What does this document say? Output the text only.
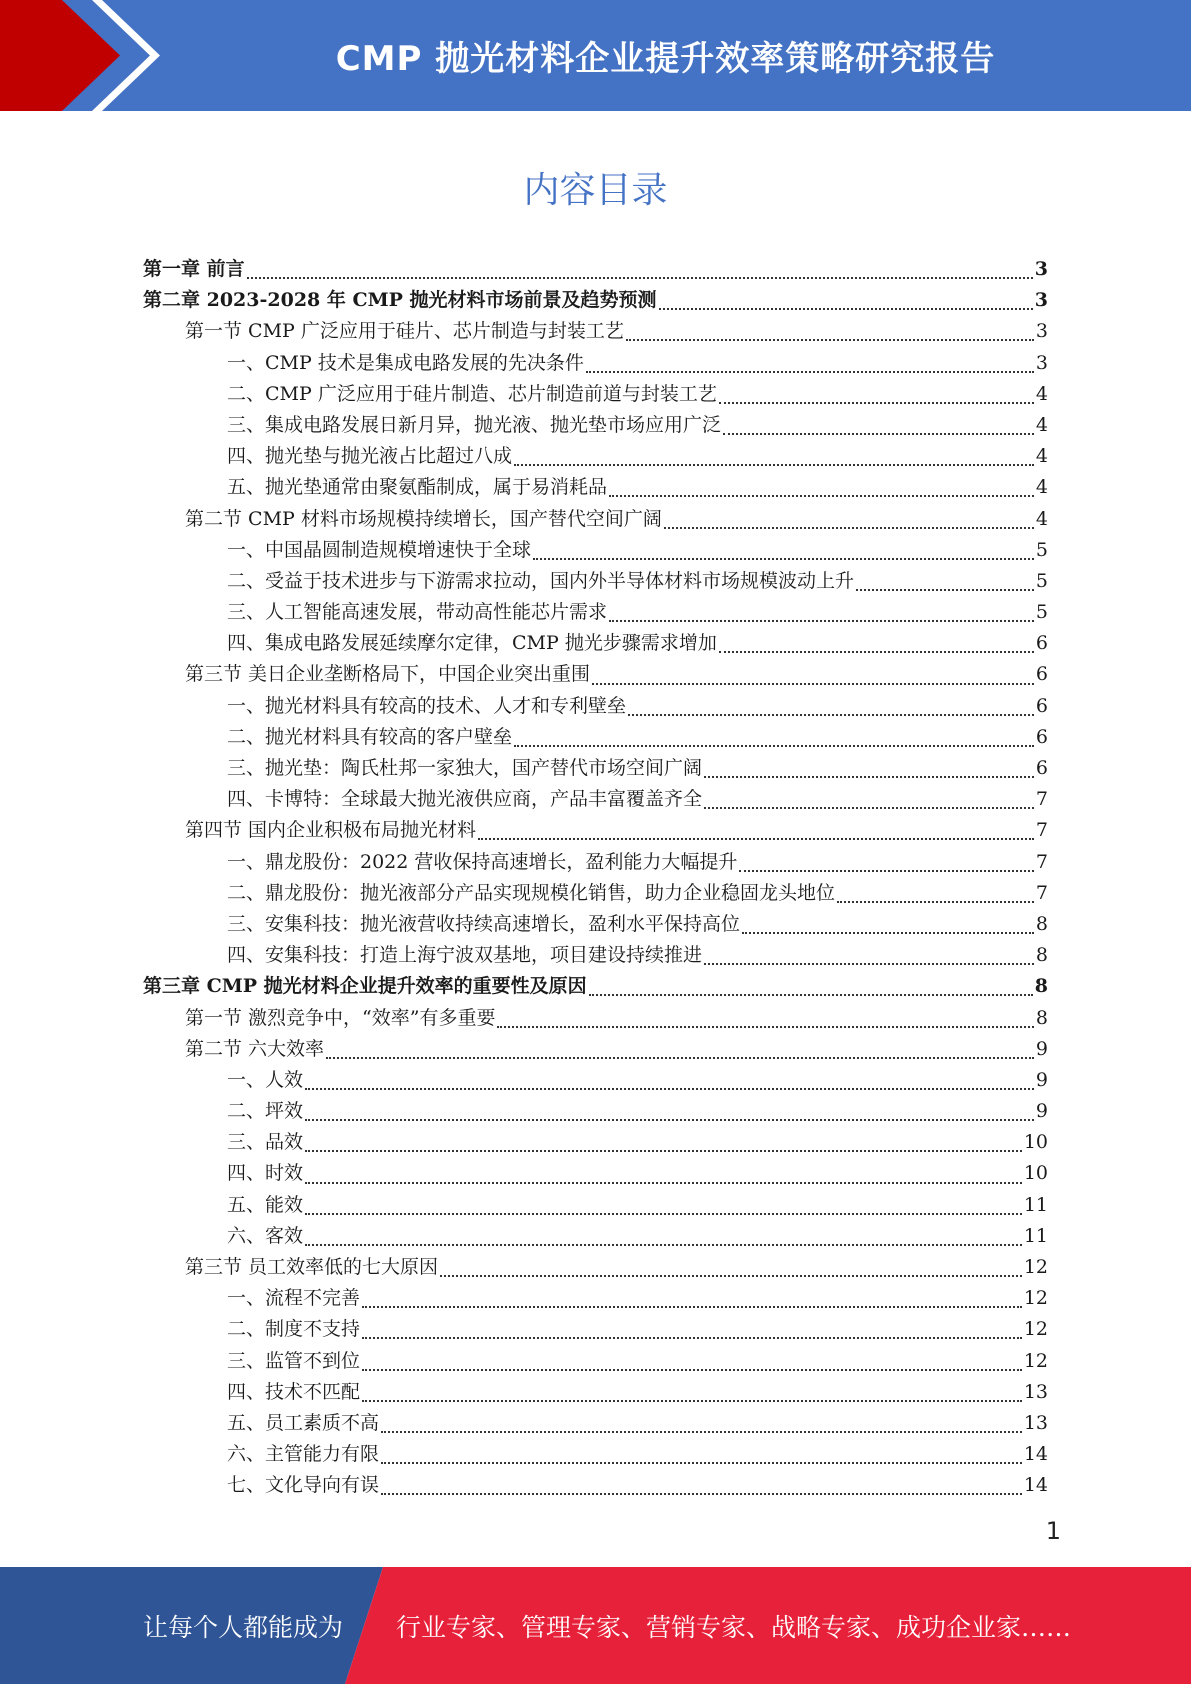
CMP 抛光材料企业提升效率策略研究报告
内容目录
第一章 前言	3
第二章 2023-2028 年 CMP 抛光材料市场前景及趋势预测	3
第一节 CMP 广泛应用于硅片、芯片制造与封装工艺	3
一、CMP 技术是集成电路发展的先决条件	3
二、CMP 广泛应用于硅片制造、芯片制造前道与封装工艺	4
三、集成电路发展日新月异，抛光液、抛光垫市场应用广泛	4
四、抛光垫与抛光液占比超过八成	4
五、抛光垫通常由聚氨酯制成，属于易消耗品	4
第二节 CMP 材料市场规模持续增长，国产替代空间广阔	4
一、中国晶圆制造规模增速快于全球	5
二、受益于技术进步与下游需求拉动，国内外半导体材料市场规模波动上升	5
三、人工智能高速发展，带动高性能芯片需求	5
四、集成电路发展延续摩尔定律，CMP 抛光步骤需求增加	6
第三节 美日企业垄断格局下，中国企业突出重围	6
一、抛光材料具有较高的技术、人才和专利壁垒	6
二、抛光材料具有较高的客户壁垒	6
三、抛光垫：陶氏杜邦一家独大，国产替代市场空间广阔	6
四、卡博特：全球最大抛光液供应商，产品丰富覆盖齐全	7
第四节 国内企业积极布局抛光材料	7
一、鼎龙股份：2022 营收保持高速增长，盈利能力大幅提升	7
二、鼎龙股份：抛光液部分产品实现规模化销售，助力企业稳固龙头地位	7
三、安集科技：抛光液营收持续高速增长，盈利水平保持高位	8
四、安集科技：打造上海宁波双基地，项目建设持续推进	8
第三章 CMP 抛光材料企业提升效率的重要性及原因	8
第一节 激烈竞争中，“效率”有多重要	8
第二节 六大效率	9
一、人效	9
二、坪效	9
三、品效	10
四、时效	10
五、能效	11
六、客效	11
第三节 员工效率低的七大原因	12
一、流程不完善	12
二、制度不支持	12
三、监管不到位	12
四、技术不匹配	13
五、员工素质不高	13
六、主管能力有限	14
七、文化导向有误	14
1
让每个人都能成为 行业专家、管理专家、营销专家、战略专家、成功企业家……
